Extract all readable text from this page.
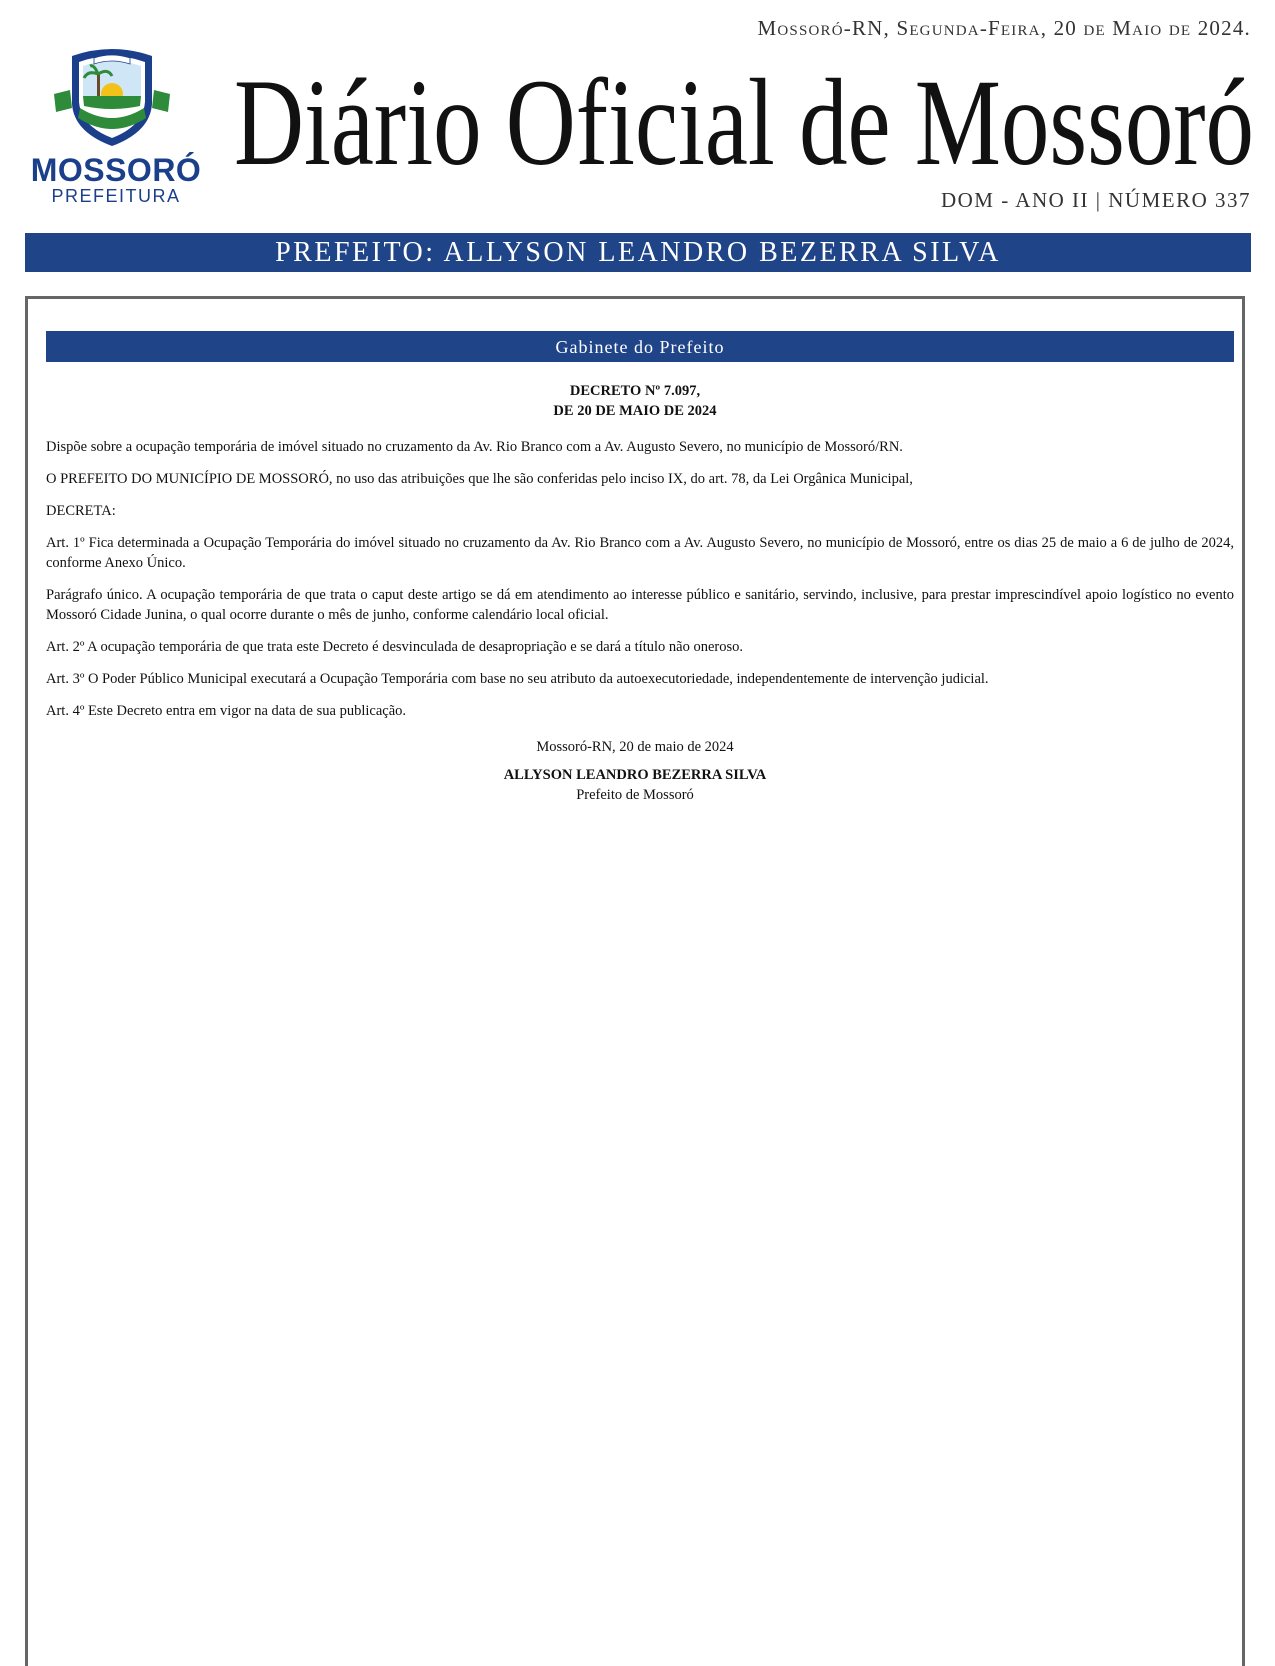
MOSSORÓ
PREFEITURA
Mossoró-RN, Segunda-Feira, 20 de Maio de 2024.
Diário Oficial de Mossoró
DOM - ANO II | NÚMERO 337
PREFEITO: ALLYSON LEANDRO BEZERRA SILVA
Gabinete do Prefeito
DECRETO Nº 7.097,
DE 20 DE MAIO DE 2024

Dispõe sobre a ocupação temporária de imóvel situado no cruzamento da Av. Rio Branco com a Av. Augusto Severo, no município de Mossoró/RN.

O PREFEITO DO MUNICÍPIO DE MOSSORÓ, no uso das atribuições que lhe são conferidas pelo inciso IX, do art. 78, da Lei Orgânica Municipal,

DECRETA:

Art. 1º Fica determinada a Ocupação Temporária do imóvel situado no cruzamento da Av. Rio Branco com a Av. Augusto Severo, no município de Mossoró, entre os dias 25 de maio a 6 de julho de 2024, conforme Anexo Único.

Parágrafo único. A ocupação temporária de que trata o caput deste artigo se dá em atendimento ao interesse público e sanitário, servindo, inclusive, para prestar imprescindível apoio logístico no evento Mossoró Cidade Junina, o qual ocorre durante o mês de junho, conforme calendário local oficial.

Art. 2º A ocupação temporária de que trata este Decreto é desvinculada de desapropriação e se dará a título não oneroso.

Art. 3º O Poder Público Municipal executará a Ocupação Temporária com base no seu atributo da autoexecutoriedade, independentemente de intervenção judicial.

Art. 4º Este Decreto entra em vigor na data de sua publicação.

Mossoró-RN, 20 de maio de 2024
ALLYSON LEANDRO BEZERRA SILVA
Prefeito de Mossoró
